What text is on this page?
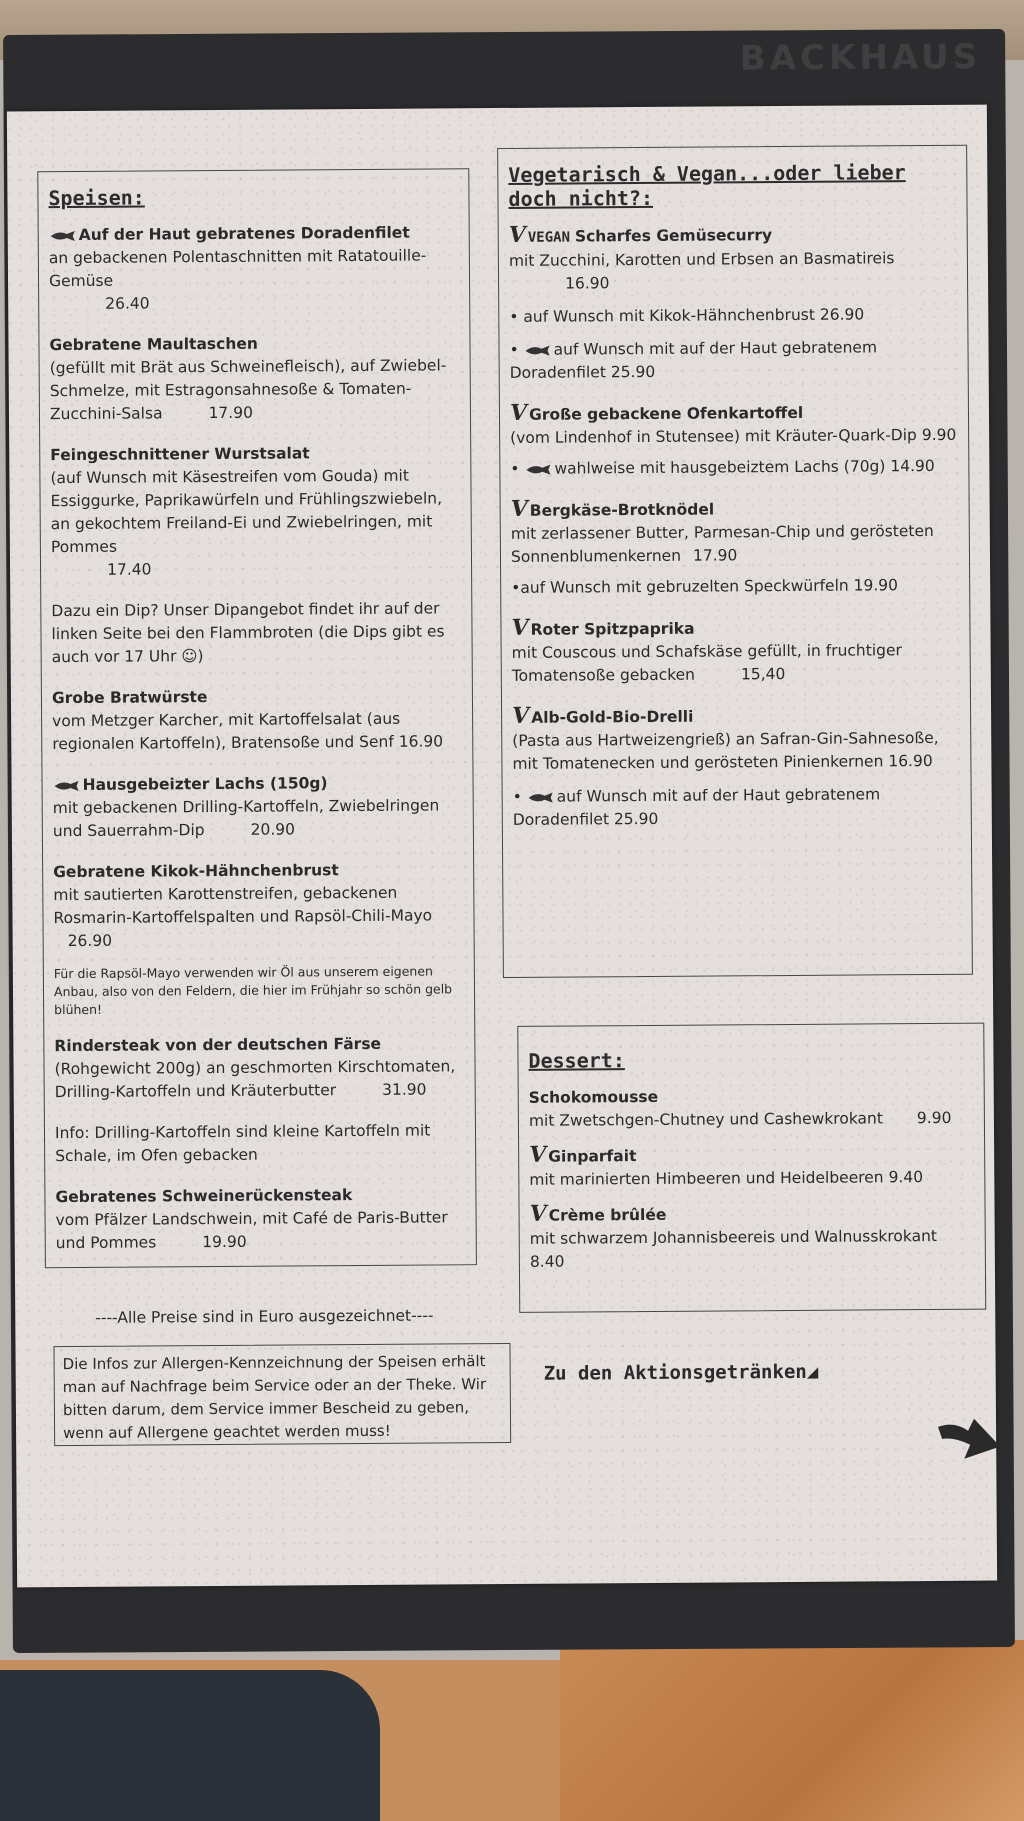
BACKHAUS
Speisen:
Auf der Haut gebratenes Doradenfilet
an gebackenen Polentaschnitten mit Ratatouille-Gemüse
26.40
Gebratene Maultaschen
(gefüllt mit Brät aus Schweinefleisch), auf Zwiebel-Schmelze, mit Estragonsahnesoße & Tomaten-Zucchini-Salsa	17.90
Feingeschnittener Wurstsalat
(auf Wunsch mit Käsestreifen vom Gouda) mit Essiggurke, Paprikawürfeln und Frühlingszwiebeln, an gekochtem Freiland-Ei und Zwiebelringen, mit Pommes
17.40
Dazu ein Dip? Unser Dipangebot findet ihr auf der linken Seite bei den Flammbroten (die Dips gibt es auch vor 17 Uhr ☺)
Grobe Bratwürste
vom Metzger Karcher, mit Kartoffelsalat (aus regionalen Kartoffeln), Bratensoße und Senf 16.90
Hausgebeizter Lachs (150g)
mit gebackenen Drilling-Kartoffeln, Zwiebelringen und Sauerrahm-Dip	20.90
Gebratene Kikok-Hähnchenbrust
mit sautierten Karottenstreifen, gebackenen Rosmarin-Kartoffelspalten und Rapsöl-Chili-Mayo26.90
Für die Rapsöl-Mayo verwenden wir Öl aus unserem eigenen Anbau, also von den Feldern, die hier im Frühjahr so schön gelb blühen!
Rindersteak von der deutschen Färse
(Rohgewicht 200g) an geschmorten Kirschtomaten, Drilling-Kartoffeln und Kräuterbutter	31.90
Info: Drilling-Kartoffeln sind kleine Kartoffeln mit Schale, im Ofen gebacken
Gebratenes Schweinerückensteak
vom Pfälzer Landschwein, mit Café de Paris-Butter und Pommes	19.90
Vegetarisch & Vegan...oder lieber
doch nicht?:
VVEGAN Scharfes Gemüsecurry
mit Zucchini, Karotten und Erbsen an Basmatireis
16.90
• auf Wunsch mit Kikok-Hähnchenbrust 26.90
• auf Wunsch mit auf der Haut gebratenem Doradenfilet 25.90
VGroße gebackene Ofenkartoffel
(vom Lindenhof in Stutensee) mit Kräuter-Quark-Dip 9.90
• wahlweise mit hausgebeiztem Lachs (70g) 14.90
VBergkäse-Brotknödel
mit zerlassener Butter, Parmesan-Chip und gerösteten Sonnenblumenkernen 17.90
•auf Wunsch mit gebruzelten Speckwürfeln 19.90
VRoter Spitzpaprika
mit Couscous und Schafskäse gefüllt, in fruchtiger Tomatensoße gebacken	15,40
VAlb-Gold-Bio-Drelli
(Pasta aus Hartweizengrieß) an Safran-Gin-Sahnesoße, mit Tomatenecken und gerösteten Pinienkernen 16.90
• auf Wunsch mit auf der Haut gebratenem Doradenfilet 25.90
Dessert:
Schokomousse
mit Zwetschgen-Chutney und Cashewkrokant 9.90
VGinparfait
mit marinierten Himbeeren und Heidelbeeren 9.40
VCrème brûlée
mit schwarzem Johannisbeereis und Walnusskrokant
8.40
----Alle Preise sind in Euro ausgezeichnet----
Die Infos zur Allergen-Kennzeichnung der Speisen erhält man auf Nachfrage beim Service oder an der Theke. Wir bitten darum, dem Service immer Bescheid zu geben, wenn auf Allergene geachtet werden muss!
Zu den Aktionsgetränken◢
